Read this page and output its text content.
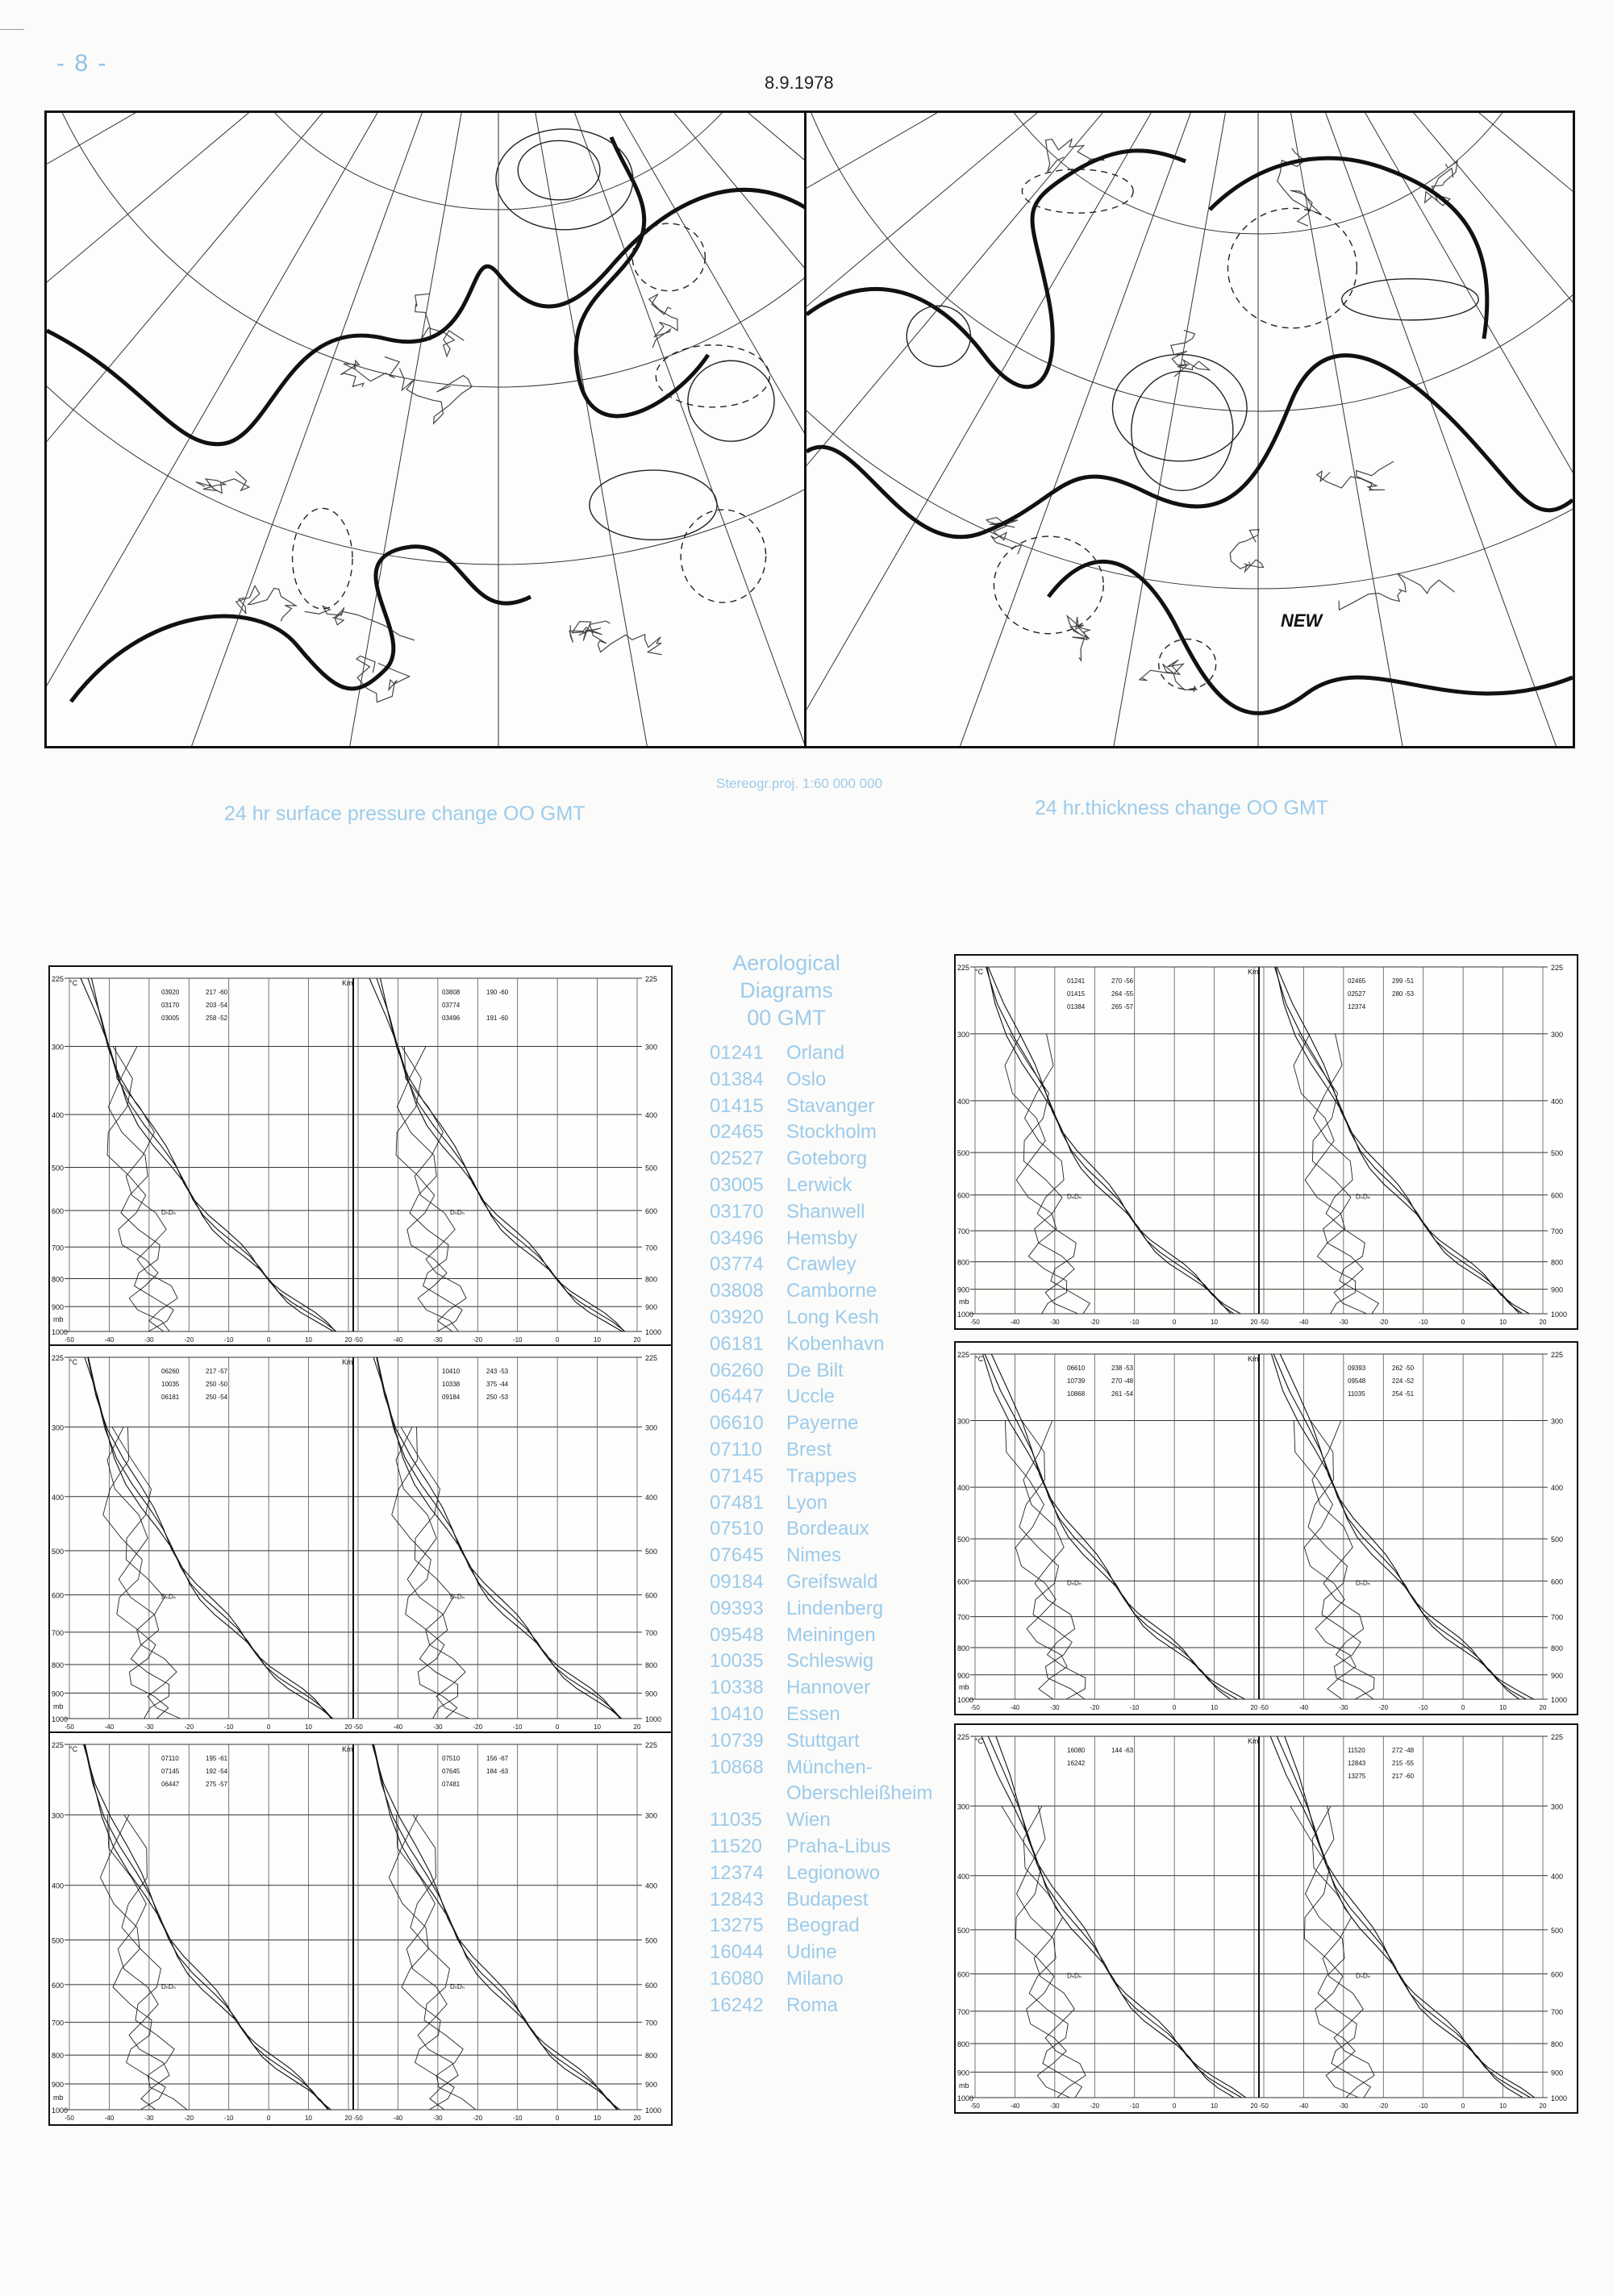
- 8 -
8.9.1978
NEW
Stereogr.proj. 1:60 000 000
24 hr surface pressure change OO GMT	24 hr.thickness change OO GMT
Aerological
Diagrams
00 GMT
01241	Orland
01384	Oslo
01415	Stavanger
02465	Stockholm
02527	Goteborg
03005	Lerwick
03170	Shanwell
03496	Hemsby
03774	Crawley
03808	Camborne
03920	Long Kesh
06181	Kobenhavn
06260	De Bilt
06447	Uccle
06610	Payerne
07110	Brest
07145	Trappes
07481	Lyon
07510	Bordeaux
07645	Nimes
09184	Greifswald
09393	Lindenberg
09548	Meiningen
10035	Schleswig
10338	Hannover
10410	Essen
10739	Stuttgart
10868	München-
Oberschleißheim
11035	Wien
11520	Praha-Libus
12374	Legionowo
12843	Budapest
13275	Beograd
16044	Udine
16080	Milano
16242	Roma
225	225
300	300
400	400
500	500
600	600
700	700
800	800
900	900
1000	1000
-50	-40	-30	-20	-10	0	10	20 -50	-40	-30	-20	-10	0	10	20
°C	Km
mb
03920	217 -60
03170	203 -54
03005	258 -52
DₙDₙ
03808	190 -60
03774
03496	191 -60
DₙDₙ
225	225
300	300
400	400
500	500
600	600
700	700
800	800
900	900
1000	1000
-50	-40	-30	-20	-10	0	10	20 -50	-40	-30	-20	-10	0	10	20
°C	Km
mb
06260	217 -57
10035	250 -50
06181	250 -54
DₙDₙ
10410	243 -53
10338	375 -44
09184	250 -53
DₙDₙ
225	225
300	300
400	400
500	500
600	600
700	700
800	800
900	900
1000	1000
-50	-40	-30	-20	-10	0	10	20 -50	-40	-30	-20	-10	0	10	20
°C	Km
mb
07110	195 -61
07145	192 -54
06447	275 -57
DₙDₙ
07510	156 -67
07645	184 -63
07481
DₙDₙ
225	225
300	300
400	400
500	500
600	600
700	700
800	800
900	900
1000	1000
-50	-40	-30	-20	-10	0	10	20 -50	-40	-30	-20	-10	0	10	20
°C	Km
mb
01241	270 -56
01415	264 -55
01384	265 -57
DₙDₙ
02465	299 -51
02527	280 -53
12374
DₙDₙ
225	225
300	300
400	400
500	500
600	600
700	700
800	800
900	900
1000	1000
-50	-40	-30	-20	-10	0	10	20 -50	-40	-30	-20	-10	0	10	20
°C	Km
mb
06610	238 -53
10739	270 -48
10868	261 -54
DₙDₙ
09393	262 -50
09548	224 -52
11035	254 -51
DₙDₙ
225	225
300	300
400	400
500	500
600	600
700	700
800	800
900	900
1000	1000
-50	-40	-30	-20	-10	0	10	20 -50	-40	-30	-20	-10	0	10	20
°C	Km
mb
16080	144 -63
16242
DₙDₙ
11520	272 -48
12843	215 -55
13275	217 -60
DₙDₙ
